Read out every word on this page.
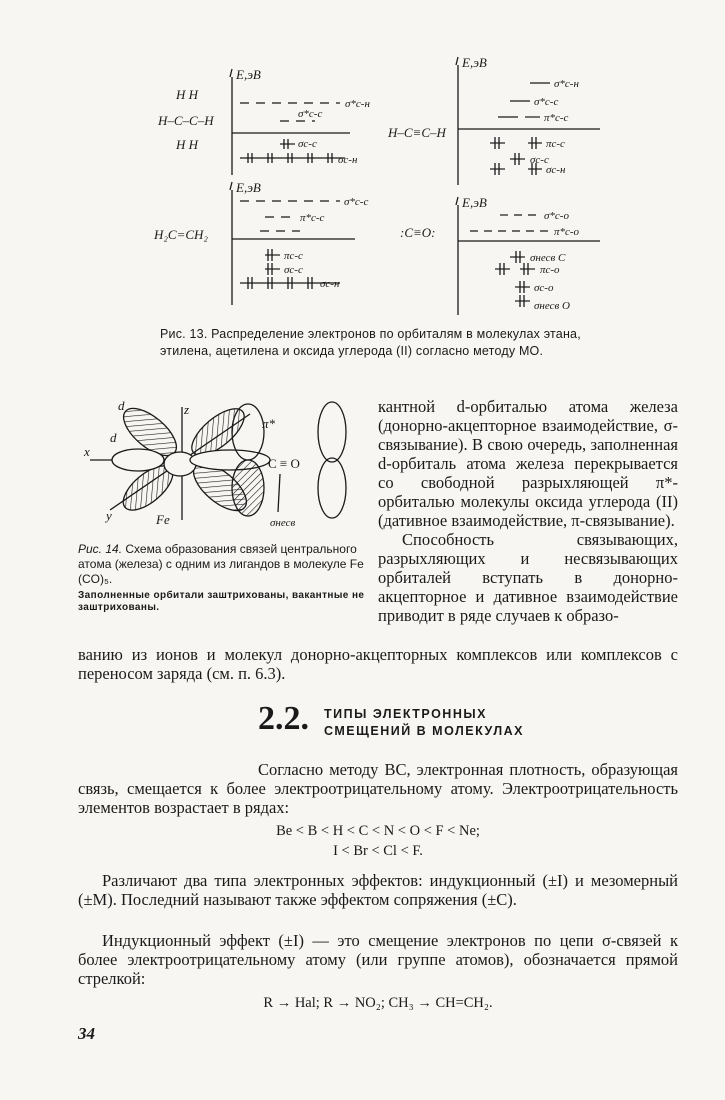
E,эВ
E,эВ
E,эВ
E,эВ
H H
H–C–C–H
H H
H–C≡C–H
H₂C=CH₂	:C≡O:
σ*с-н
σ*с-с
σс-с
σс-н
σ*с-н
σ*с-с
π*с-с
πс-с
σс-с
σс-н
σ*с-с
π*с-с
πс-с
σс-с
σс-н
σ*с-о
π*с-о
σнесв C
πс-о
σс-о
σнесв O
Рис. 13. Распределение электронов по орбиталям в молекулах этана, этилена, ацетилена и оксида углерода (II) согласно методу МО.
d
d
z
x
y	Fe
π*
C ≡ O
σнесв
Рис. 14. Схема образования связей центрального атома (железа) с одним из лигандов в молекуле Fe (CO)₅.
Заполненные орбитали заштрихованы, вакантные не заштрихованы.

кантной d-орбиталью атома железа (донорно-акцепторное взаимодействие, σ-связывание). В свою очередь, заполненная d-орбиталь атома железа перекрывается со свободной разрыхляющей π*-орбиталью молекулы оксида углерода (II) (дативное взаимодействие, π-связывание).

Способность связывающих, разрыхляющих и несвязывающих орбиталей вступать в донорно-акцепторное и дативное взаимодействие приводит в ряде случаев к образо-

ванию из ионов и молекул донорно-акцепторных комплексов или комплексов с переносом заряда (см. п. 6.3).
2.2. ТИПЫ ЭЛЕКТРОННЫХ
СМЕЩЕНИЙ В МОЛЕКУЛАХ
Согласно методу ВС, электронная плотность, образующая связь, смещается к более электроотрицательному атому. Электроотрицательность элементов возрастает в рядах:
Be < B < H < C < N < O < F < Ne;
I < Br < Cl < F.
Различают два типа электронных эффектов: индукционный (±I) и мезомерный (±M). Последний называют также эффектом сопряжения (±C).
Индукционный эффект (±I) — это смещение электронов по цепи σ-связей к более электроотрицательному атому (или группе атомов), обозначается прямой стрелкой:
R → Hal; R → NO₂; CH₃ → CH=CH₂.
34
